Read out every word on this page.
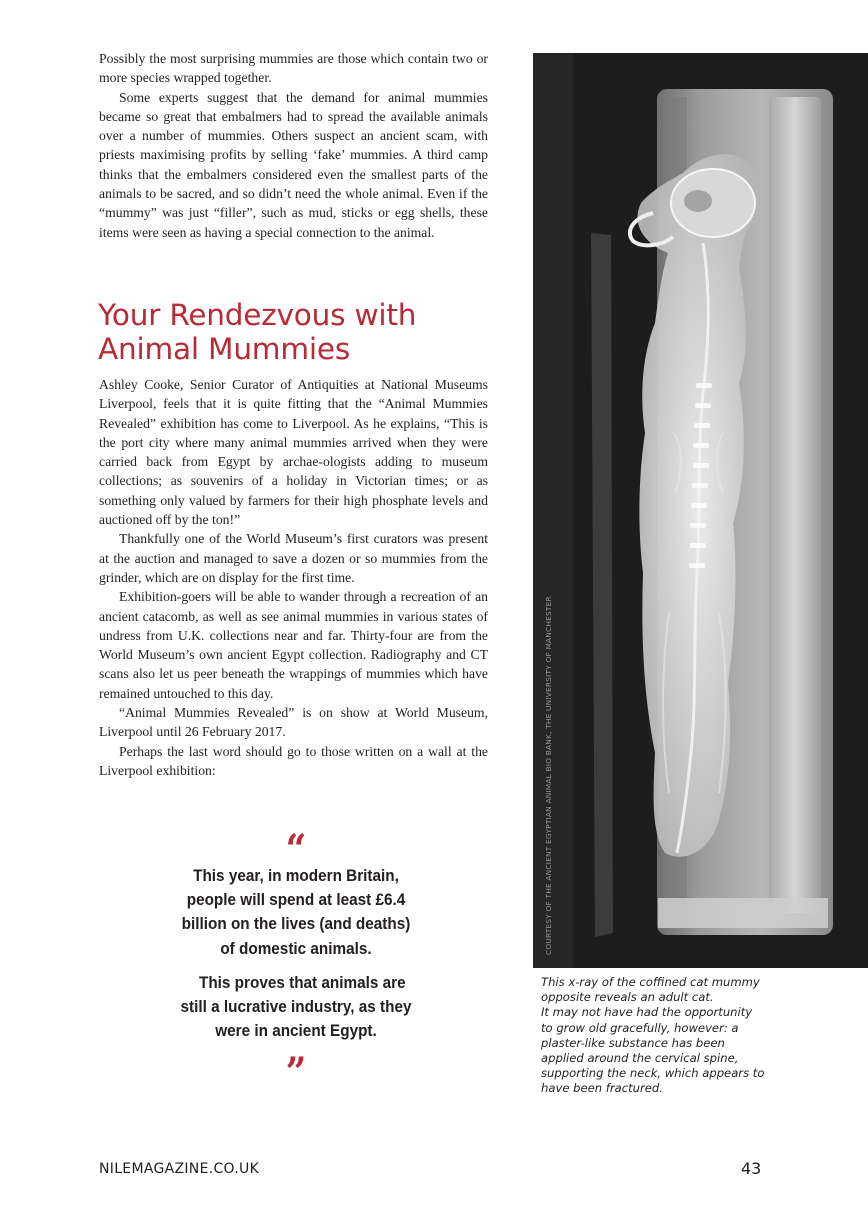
Possibly the most surprising mummies are those which contain two or more species wrapped together.

Some experts suggest that the demand for animal mummies became so great that embalmers had to spread the available animals over a number of mummies. Others suspect an ancient scam, with priests maximising profits by selling ‘fake’ mummies. A third camp thinks that the embalmers considered even the smallest parts of the animals to be sacred, and so didn’t need the whole animal. Even if the “mummy” was just “filler”, such as mud, sticks or egg shells, these items were seen as having a special connection to the animal.

Your Rendezvous with
Animal Mummies

Ashley Cooke, Senior Curator of Antiquities at National Museums Liverpool, feels that it is quite fitting that the “Animal Mummies Revealed” exhibition has come to Liverpool. As he explains, “This is the port city where many animal mummies arrived when they were carried back from Egypt by archae-ologists adding to museum collections; as souvenirs of a holiday in Victorian times; or as something only valued by farmers for their high phosphate levels and auctioned off by the ton!”

Thankfully one of the World Museum’s first curators was present at the auction and managed to save a dozen or so mummies from the grinder, which are on display for the first time.

Exhibition-goers will be able to wander through a recreation of an ancient catacomb, as well as see animal mummies in various states of undress from U.K. collections near and far. Thirty-four are from the World Museum’s own ancient Egypt collection. Radiography and CT scans also let us peer beneath the wrappings of mummies which have remained untouched to this day.

“Animal Mummies Revealed” is on show at World Museum, Liverpool until 26 February 2017.

Perhaps the last word should go to those written on a wall at the Liverpool exhibition:

“

This year, in modern Britain, people will spend at least £6.4 billion on the lives (and deaths) of domestic animals.

This proves that animals are still a lucrative industry, as they were in ancient Egypt.

”
COURTESY OF THE ANCIENT EGYPTIAN ANIMAL BIO BANK, THE UNIVERSITY OF MANCHESTER

This x-ray of the coffined cat mummy opposite reveals an adult cat.

It may not have had the opportunity to grow old gracefully, however: a plaster-like substance has been applied around the cervical spine, supporting the neck, which appears to have been fractured.

NILEMAGAZINE.CO.UK	43
